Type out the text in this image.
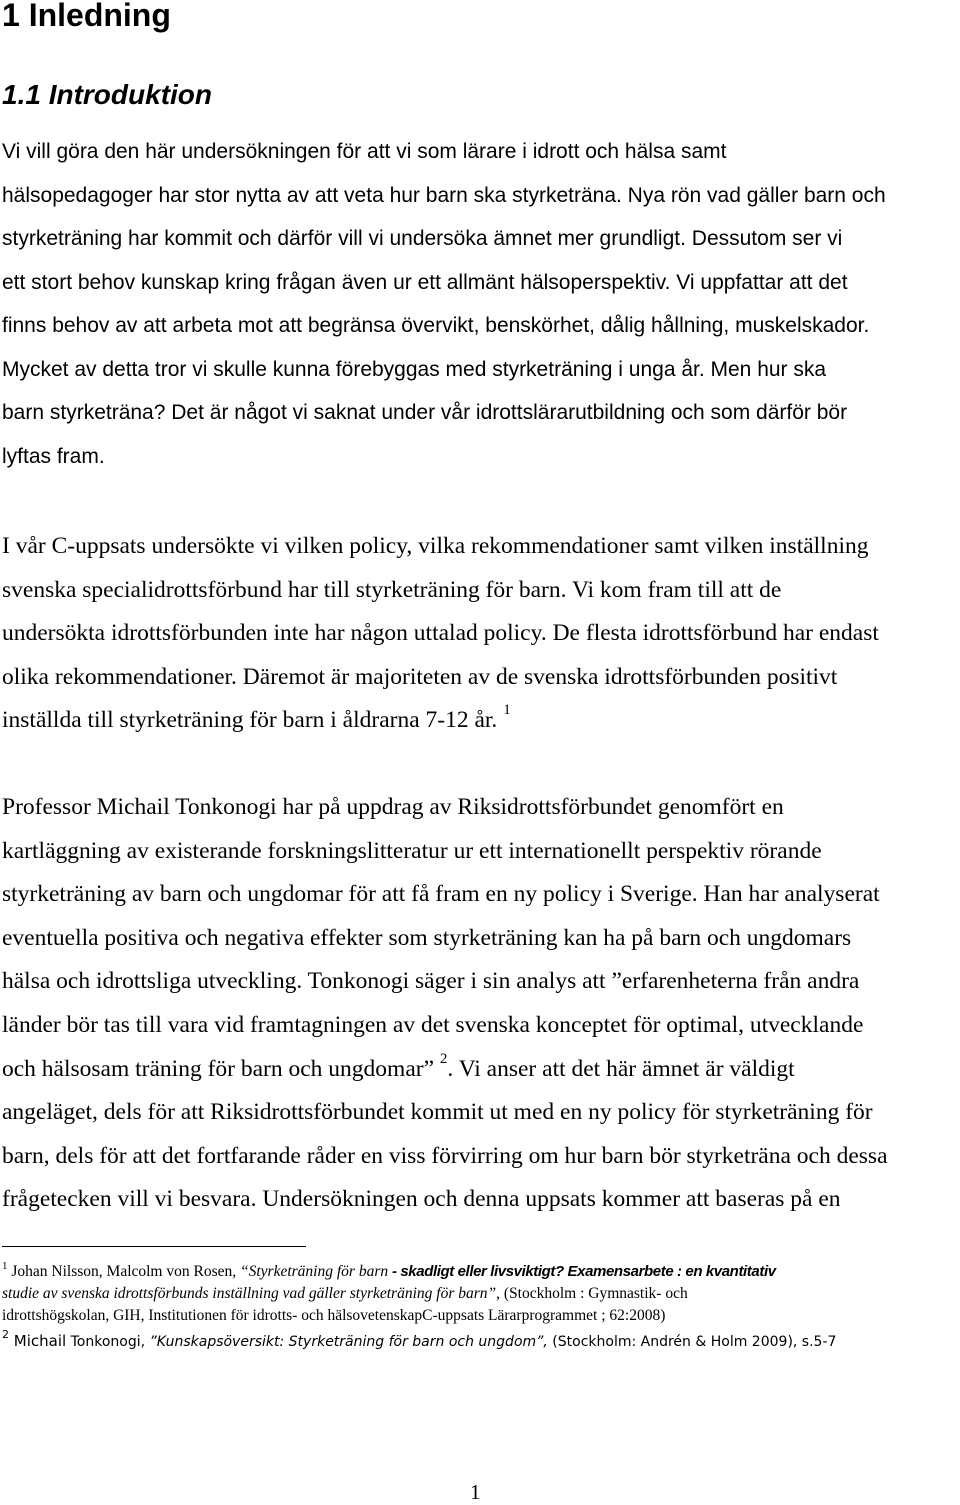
1 Inledning
1.1 Introduktion

Vi vill göra den här undersökningen för att vi som lärare i idrott och hälsa samt
hälsopedagoger har stor nytta av att veta hur barn ska styrketräna. Nya rön vad gäller barn och
styrketräning har kommit och därför vill vi undersöka ämnet mer grundligt. Dessutom ser vi
ett stort behov kunskap kring frågan även ur ett allmänt hälsoperspektiv. Vi uppfattar att det
finns behov av att arbeta mot att begränsa övervikt, benskörhet, dålig hållning, muskelskador.
Mycket av detta tror vi skulle kunna förebyggas med styrketräning i unga år. Men hur ska
barn styrketräna? Det är något vi saknat under vår idrottslärarutbildning och som därför bör
lyftas fram.

I vår C-uppsats undersökte vi vilken policy, vilka rekommendationer samt vilken inställning
svenska specialidrottsförbund har till styrketräning för barn. Vi kom fram till att de
undersökta idrottsförbunden inte har någon uttalad policy. De flesta idrottsförbund har endast
olika rekommendationer. Däremot är majoriteten av de svenska idrottsförbunden positivt
inställda till styrketräning för barn i åldrarna 7-12 år. $^1$

Professor Michail Tonkonogi har på uppdrag av Riksidrottsförbundet genomfört en
kartläggning av existerande forskningslitteratur ur ett internationellt perspektiv rörande
styrketräning av barn och ungdomar för att få fram en ny policy i Sverige. Han har analyserat
eventuella positiva och negativa effekter som styrketräning kan ha på barn och ungdomars
hälsa och idrottsliga utveckling. Tonkonogi säger i sin analys att ”erfarenheterna från andra
länder bör tas till vara vid framtagningen av det svenska konceptet för optimal, utvecklande
och hälsosam träning för barn och ungdomar” $^2$. Vi anser att det här ämnet är väldigt
angeläget, dels för att Riksidrottsförbundet kommit ut med en ny policy för styrketräning för
barn, dels för att det fortfarande råder en viss förvirring om hur barn bör styrketräna och dessa
frågetecken vill vi besvara. Undersökningen och denna uppsats kommer att baseras på en

$^1$ Johan Nilsson, Malcolm von Rosen, “Styrketräning för barn - skadligt eller livsviktigt? Examensarbete : en kvantitativ

studie av svenska idrottsförbunds inställning vad gäller styrketräning för barn”, (Stockholm : Gymnastik- och

idrottshögskolan, GIH, Institutionen för idrotts- och hälsovetenskapC-uppsats Lärarprogrammet ; 62:2008)

$^2$ Michail Tonkonogi, ”Kunskapsöversikt: Styrketräning för barn och ungdom”, (Stockholm: Andrén & Holm 2009), s.5-7

1
